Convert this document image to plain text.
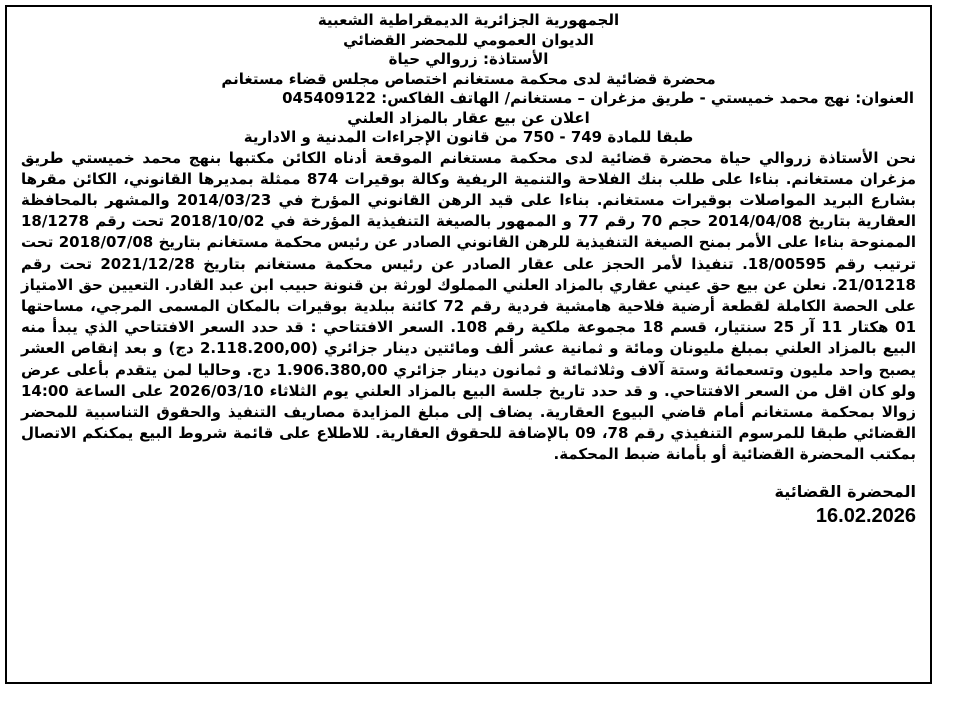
الجمهورية الجزائرية الديمقراطية الشعبية

الديوان العمومي للمحضر القضائي

الأستاذة: زروالي حياة

محضرة قضائية لدى محكمة مستغانم اختصاص مجلس قضاء مستغانم

العنوان: نهج محمد خميستي - طريق مزغران – مستغانم/ الهاتف الفاكس: 045409122

اعلان عن بيع عقار بالمزاد العلني

طبقا للمادة 749 - 750 من قانون الإجراءات المدنية و الادارية

نحن الأستاذة زروالي حياة محضرة قضائية لدى محكمة مستغانم الموقعة أدناه الكائن مكتبها بنهج محمد خميستي طريق مزغران مستغانم. بناءا على طلب بنك الفلاحة والتنمية الريفية وكالة بوقيرات 874 ممثلة بمديرها القانوني، الكائن مقرها بشارع البريد المواصلات بوقيرات مستغانم. بناءا على قيد الرهن القانوني المؤرخ في 2014/03/23 والمشهر بالمحافظة العقارية بتاريخ 2014/04/08 حجم 70 رقم 77 و الممهور بالصيغة التنفيذية المؤرخة في 2018/10/02 تحت رقم 18/1278 الممنوحة بناءا على الأمر بمنح الصيغة التنفيذية للرهن القانوني الصادر عن رئيس محكمة مستغانم بتاريخ 2018/07/08 تحت ترتيب رقم 18/00595. تنفيذا لأمر الحجز على عقار الصادر عن رئيس محكمة مستغانم بتاريخ 2021/12/28 تحت رقم 21/01218. نعلن عن بيع حق عيني عقاري بالمزاد العلني المملوك لورثة بن قنونة حبيب ابن عبد القادر. التعيين حق الامتياز على الحصة الكاملة لقطعة أرضية فلاحية هامشية فردية رقم 72 كائنة ببلدية بوقيرات بالمكان المسمى المرجي، مساحتها 01 هكتار 11 آر 25 سنتيار، قسم 18 مجموعة ملكية رقم 108. السعر الافتتاحي : قد حدد السعر الافتتاحي الذي يبدأ منه البيع بالمزاد العلني بمبلغ مليونان ومائة و ثمانية عشر ألف ومائتين دينار جزائري (2.118.200,00 دج) و بعد إنقاص العشر يصبح واحد مليون وتسعمائة وستة آلاف وثلاثمائة و ثمانون دينار جزائري 1.906.380,00 دج. وحاليا لمن يتقدم بأعلى عرض ولو كان اقل من السعر الافتتاحي. و قد حدد تاريخ جلسة البيع بالمزاد العلني يوم الثلاثاء 2026/03/10 على الساعة 14:00 زوالا بمحكمة مستغانم أمام قاضي البيوع العقارية. يضاف إلى مبلغ المزايدة مصاريف التنفيذ والحقوق التناسبية للمحضر القضائي طبقا للمرسوم التنفيذي رقم 78، 09 بالإضافة للحقوق العقارية. للاطلاع على قائمة شروط البيع يمكنكم الاتصال بمكتب المحضرة القضائية أو بأمانة ضبط المحكمة.

المحضرة القضائية

16.02.2026
